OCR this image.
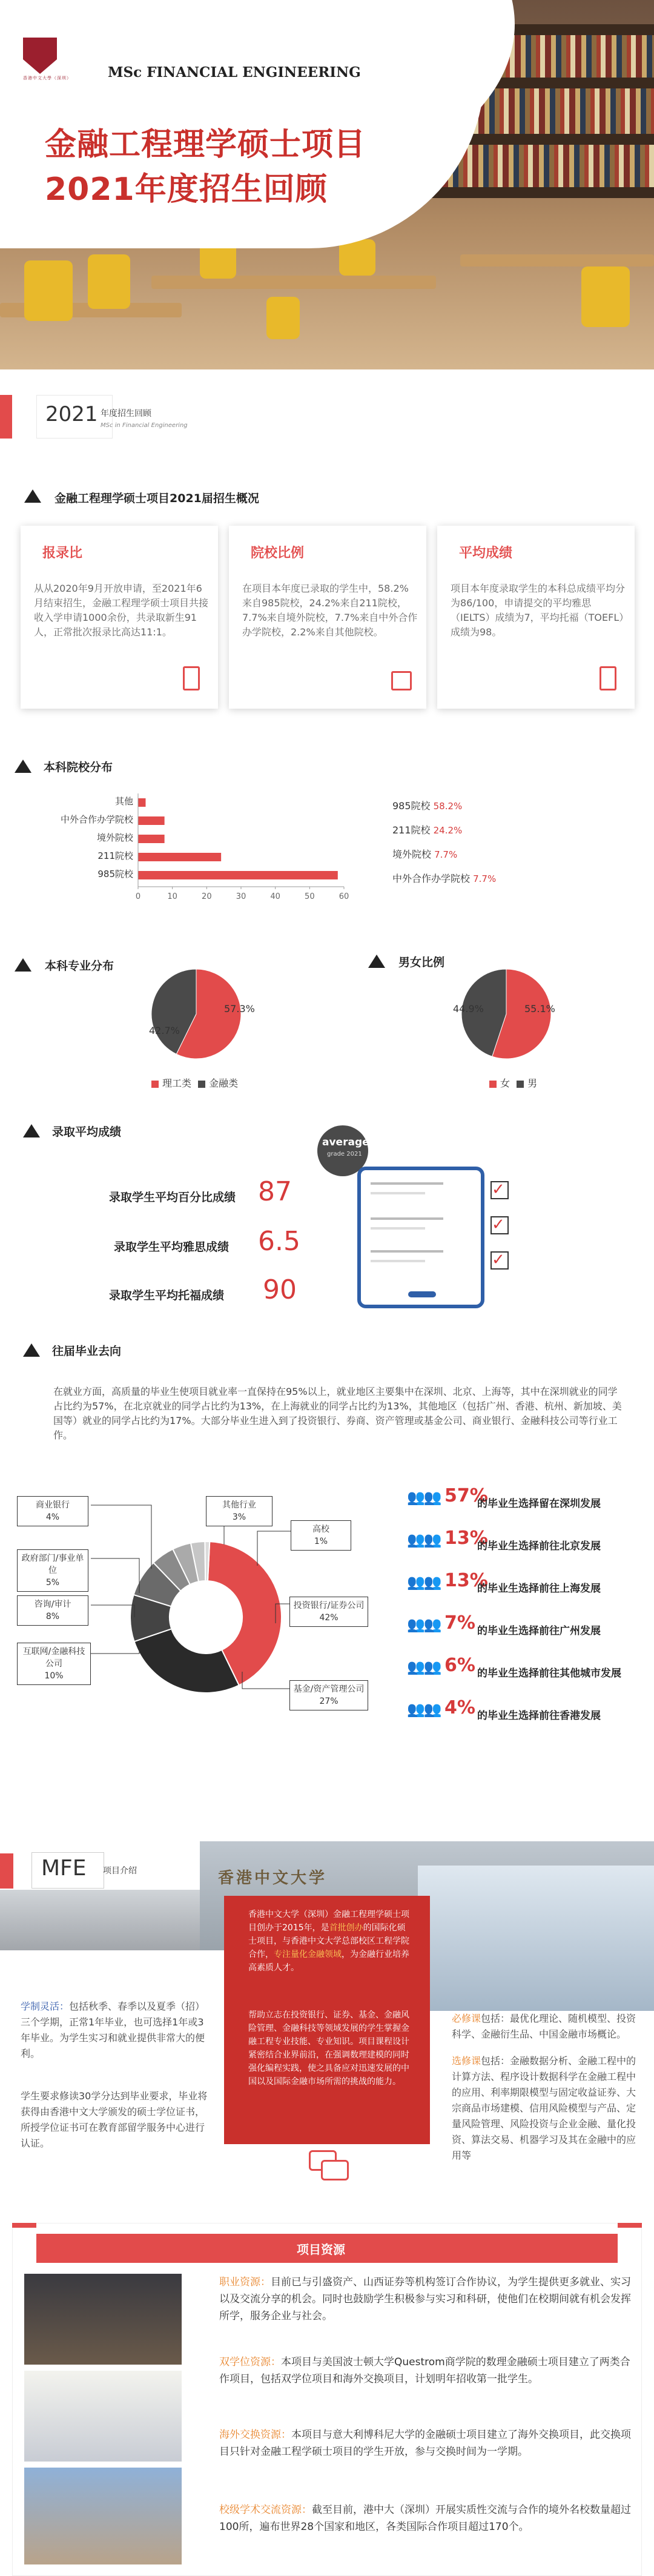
香港中文大學（深圳）	MSc FINANCIAL ENGINEERING
金融工程理学硕士项目
2021年度招生回顾
2021 年度招生回顾
MSc in Financial Engineering
金融工程理学硕士项目2021届招生概况
报录比
从从2020年9月开放申请，至2021年6月结束招生，金融工程理学硕士项目共接收入学申请1000余份，共录取新生91人，正常批次报录比高达11:1。
院校比例
在项目本年度已录取的学生中，58.2%来自985院校，24.2%来自211院校，7.7%来自境外院校，7.7%来自中外合作办学院校，2.2%来自其他院校。
平均成绩
项目本年度录取学生的本科总成绩平均分为86/100，申请提交的平均雅思（IELTS）成绩为7，平均托福（TOEFL）成绩为98。
本科院校分布
其他
中外合作办学院校
境外院校
211院校
985院校
0	10	20	30	40	50	60
985院校 58.2%
211院校 24.2%
境外院校 7.7%
中外合作办学院校 7.7%
本科专业分布	男女比例
42.7%
57.3%
理工类 金融类
44.9%	55.1%
女 男
录取平均成绩
录取学生平均百分比成绩 87
录取学生平均雅思成绩 6.5
录取学生平均托福成绩 90
average
grade 2021
✓
✓
✓
往届毕业去向
在就业方面，高质量的毕业生使项目就业率一直保持在95%以上，就业地区主要集中在深圳、北京、上海等，其中在深圳就业的同学占比约为57%，在北京就业的同学占比约为13%，在上海就业的同学占比约为13%，其他地区（包括广州、香港、杭州、新加坡、美国等）就业的同学占比约为17%。大部分毕业生进入到了投资银行、券商、资产管理或基金公司、商业银行、金融科技公司等行业工作。
商业银行
4%
政府部门/事业单位
5%
咨询/审计
8%
互联网/金融科技公司
10%
其他行业
3%
高校
1%
投资银行/证券公司
42%
基金/资产管理公司
27%
👥👥 57%
的毕业生选择留在深圳发展
👥👥 13%
的毕业生选择前往北京发展
👥👥 13%
的毕业生选择前往上海发展
👥👥 7% 的毕业生选择前往广州发展
👥👥 6% 的毕业生选择前往其他城市发展
👥👥 4% 的毕业生选择前往香港发展
MFE 项目介绍	香港中文大学
香港中文大学（深圳）金融工程理学硕士项目创办于2015年，是首批创办的国际化硕士项目，与香港中文大学总部校区工程学院合作，专注量化金融领域，为金融行业培养高素质人才。
帮助立志在投资银行、证券、基金、金融风险管理、金融科技等领域发展的学生掌握金融工程专业技能、专业知识。项目课程设计紧密结合业界前沿，在强调数理建模的同时强化编程实践，使之具备应对迅速发展的中国以及国际金融市场所需的挑战的能力。
学制灵活：包括秋季、春季以及夏季（招）三个学期，正常1年毕业，也可选择1年或3年毕业。为学生实习和就业提供非常大的便利。
学生要求修读30学分达到毕业要求，毕业将获得由香港中文大学颁发的硕士学位证书，所授学位证书可在教育部留学服务中心进行认证。
必修课包括：最优化理论、随机模型、投资科学、金融衍生品、中国金融市场概论。
选修课包括：金融数据分析、金融工程中的计算方法、程序设计数据科学在金融工程中的应用、利率期限模型与固定收益证券、大宗商品市场建模、信用风险模型与产品、定量风险管理、风险投资与企业金融、量化投资、算法交易、机器学习及其在金融中的应用等
项目资源
职业资源：目前已与引盛资产、山西证券等机构签订合作协议，为学生提供更多就业、实习以及交流分享的机会。同时也鼓励学生积极参与实习和科研，使他们在校期间就有机会发挥所学，服务企业与社会。
双学位资源：本项目与美国波士顿大学Questrom商学院的数理金融硕士项目建立了两类合作项目，包括双学位项目和海外交换项目，计划明年招收第一批学生。
海外交换资源：本项目与意大利博科尼大学的金融硕士项目建立了海外交换项目，此交换项目只针对金融工程学硕士项目的学生开放，参与交换时间为一学期。
校级学术交流资源：截至目前，港中大（深圳）开展实质性交流与合作的境外名校数量超过100所，遍布世界28个国家和地区，各类国际合作项目超过170个。
